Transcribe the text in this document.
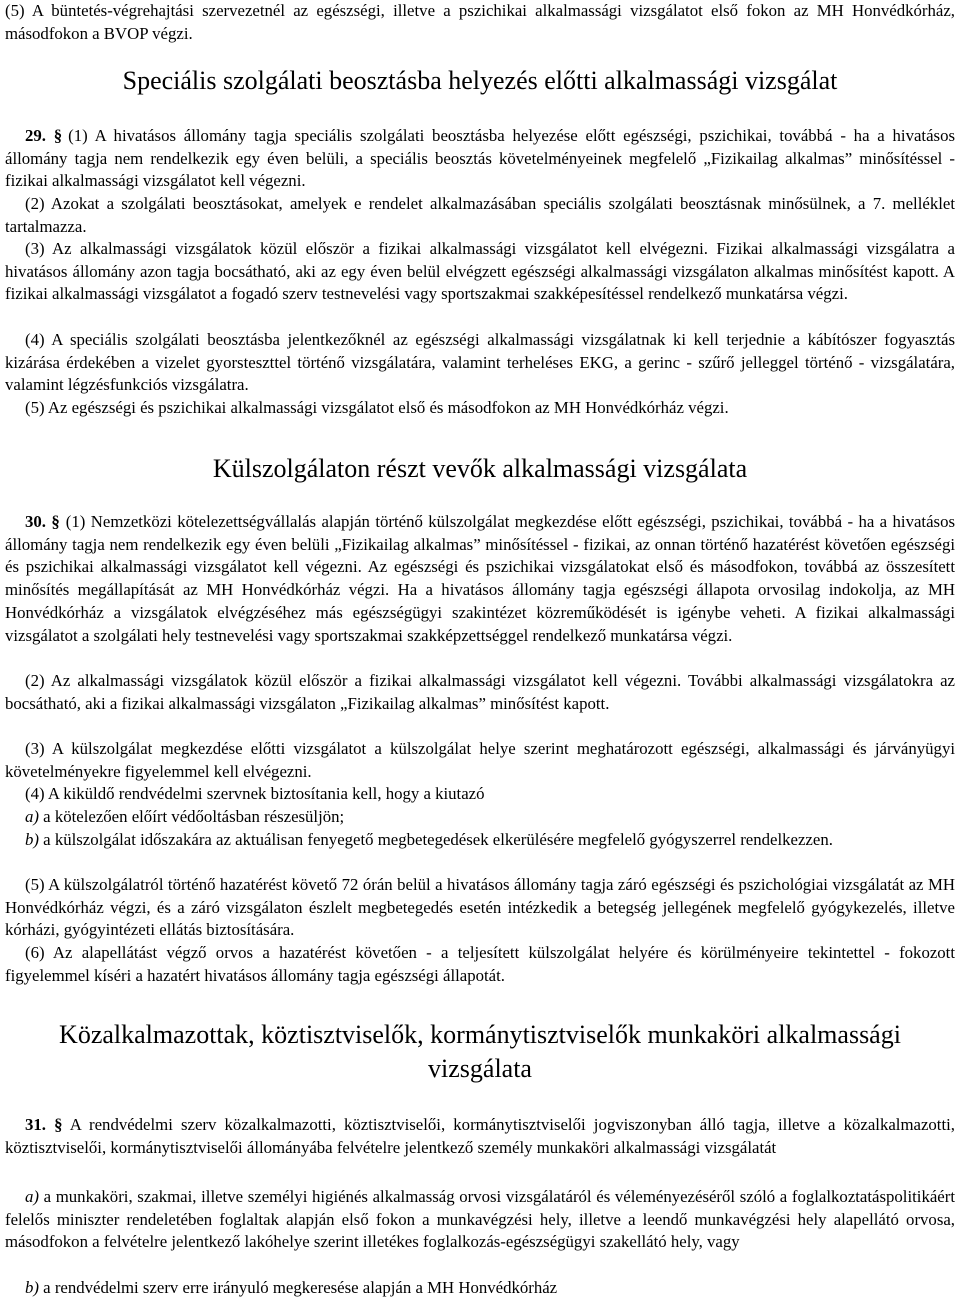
(5) A büntetés-végrehajtási szervezetnél az egészségi, illetve a pszichikai alkalmassági vizsgálatot első fokon az MH Honvédkórház, másodfokon a BVOP végzi.

Speciális szolgálati beosztásba helyezés előtti alkalmassági vizsgálat

29. § (1) A hivatásos állomány tagja speciális szolgálati beosztásba helyezése előtt egészségi, pszichikai, továbbá - ha a hivatásos állomány tagja nem rendelkezik egy éven belüli, a speciális beosztás követelményeinek megfelelő „Fizikailag alkalmas” minősítéssel - fizikai alkalmassági vizsgálatot kell végezni.

(2) Azokat a szolgálati beosztásokat, amelyek e rendelet alkalmazásában speciális szolgálati beosztásnak minősülnek, a 7. melléklet tartalmazza.

(3) Az alkalmassági vizsgálatok közül először a fizikai alkalmassági vizsgálatot kell elvégezni. Fizikai alkalmassági vizsgálatra a hivatásos állomány azon tagja bocsátható, aki az egy éven belül elvégzett egészségi alkalmassági vizsgálaton alkalmas minősítést kapott. A fizikai alkalmassági vizsgálatot a fogadó szerv testnevelési vagy sportszakmai szakképesítéssel rendelkező munkatársa végzi.

(4) A speciális szolgálati beosztásba jelentkezőknél az egészségi alkalmassági vizsgálatnak ki kell terjednie a kábítószer fogyasztás kizárása érdekében a vizelet gyorsteszttel történő vizsgálatára, valamint terheléses EKG, a gerinc - szűrő jelleggel történő - vizsgálatára, valamint légzésfunkciós vizsgálatra.

(5) Az egészségi és pszichikai alkalmassági vizsgálatot első és másodfokon az MH Honvédkórház végzi.

Külszolgálaton részt vevők alkalmassági vizsgálata

30. § (1) Nemzetközi kötelezettségvállalás alapján történő külszolgálat megkezdése előtt egészségi, pszichikai, továbbá - ha a hivatásos állomány tagja nem rendelkezik egy éven belüli „Fizikailag alkalmas” minősítéssel - fizikai, az onnan történő hazatérést követően egészségi és pszichikai alkalmassági vizsgálatot kell végezni. Az egészségi és pszichikai vizsgálatokat első és másodfokon, továbbá az összesített minősítés megállapítását az MH Honvédkórház végzi. Ha a hivatásos állomány tagja egészségi állapota orvosilag indokolja, az MH Honvédkórház a vizsgálatok elvégzéséhez más egészségügyi szakintézet közreműködését is igénybe veheti. A fizikai alkalmassági vizsgálatot a szolgálati hely testnevelési vagy sportszakmai szakképzettséggel rendelkező munkatársa végzi.

(2) Az alkalmassági vizsgálatok közül először a fizikai alkalmassági vizsgálatot kell végezni. További alkalmassági vizsgálatokra az bocsátható, aki a fizikai alkalmassági vizsgálaton „Fizikailag alkalmas” minősítést kapott.

(3) A külszolgálat megkezdése előtti vizsgálatot a külszolgálat helye szerint meghatározott egészségi, alkalmassági és járványügyi követelményekre figyelemmel kell elvégezni.

(4) A kiküldő rendvédelmi szervnek biztosítania kell, hogy a kiutazó

a) a kötelezően előírt védőoltásban részesüljön;

b) a külszolgálat időszakára az aktuálisan fenyegető megbetegedések elkerülésére megfelelő gyógyszerrel rendelkezzen.

(5) A külszolgálatról történő hazatérést követő 72 órán belül a hivatásos állomány tagja záró egészségi és pszichológiai vizsgálatát az MH Honvédkórház végzi, és a záró vizsgálaton észlelt megbetegedés esetén intézkedik a betegség jellegének megfelelő gyógykezelés, illetve kórházi, gyógyintézeti ellátás biztosítására.

(6) Az alapellátást végző orvos a hazatérést követően - a teljesített külszolgálat helyére és körülményeire tekintettel - fokozott figyelemmel kíséri a hazatért hivatásos állomány tagja egészségi állapotát.

Közalkalmazottak, köztisztviselők, kormánytisztviselők munkaköri alkalmassági
vizsgálata

31. § A rendvédelmi szerv közalkalmazotti, köztisztviselői, kormánytisztviselői jogviszonyban álló tagja, illetve a közalkalmazotti, köztisztviselői, kormánytisztviselői állományába felvételre jelentkező személy munkaköri alkalmassági vizsgálatát

a) a munkaköri, szakmai, illetve személyi higiénés alkalmasság orvosi vizsgálatáról és véleményezéséről szóló a foglalkoztatáspolitikáért felelős miniszter rendeletében foglaltak alapján első fokon a munkavégzési hely, illetve a leendő munkavégzési hely alapellátó orvosa, másodfokon a felvételre jelentkező lakóhelye szerint illetékes foglalkozás-egészségügyi szakellátó hely, vagy

b) a rendvédelmi szerv erre irányuló megkeresése alapján a MH Honvédkórház
